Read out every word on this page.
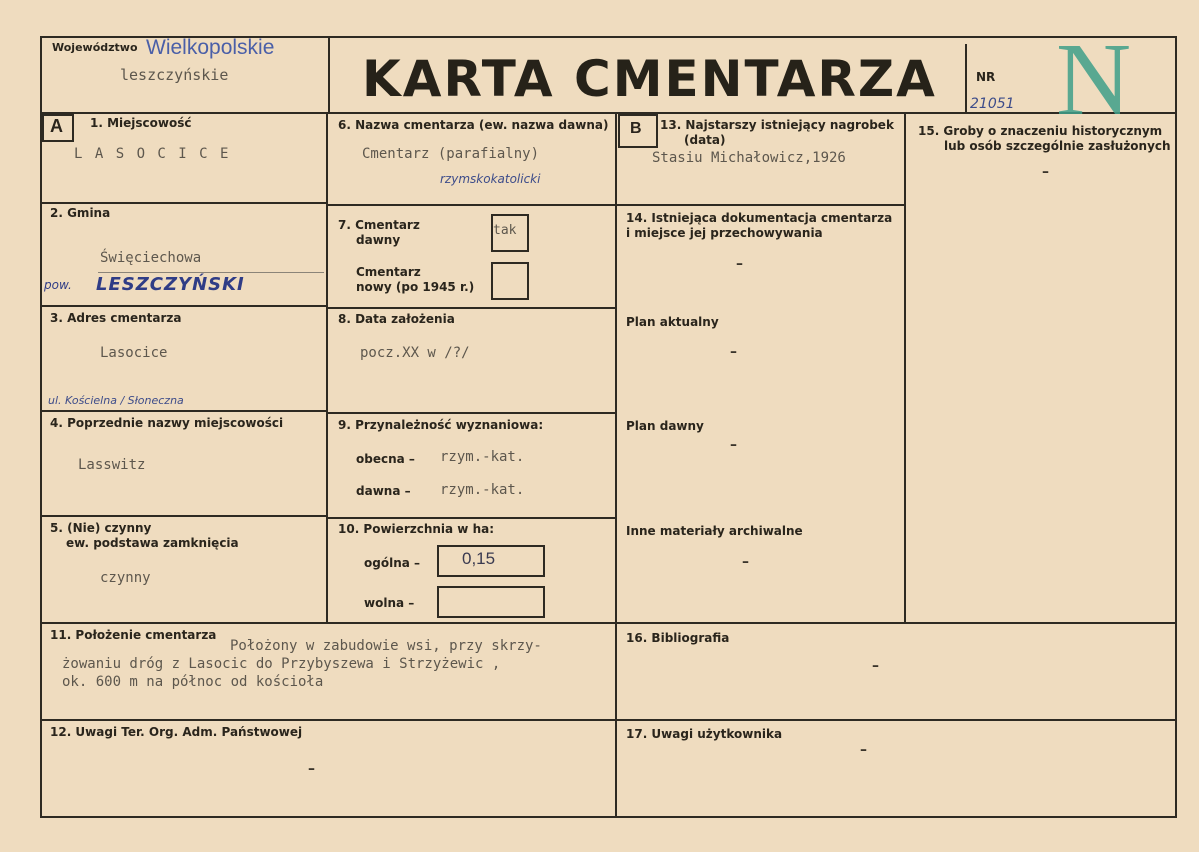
Województwo Wielkopolskie
leszczyńskie	KARTA CMENTARZA	NR
21051 N
A	B
1. Miejscowość
L A S O C I C E
2. Gmina
Święciechowa
pow. LESZCZYŃSKI
3. Adres cmentarza
Lasocice
ul. Kościelna / Słoneczna
4. Poprzednie nazwy miejscowości
Lasswitz
5. (Nie) czynny
ew. podstawa zamknięcia
czynny
6. Nazwa cmentarza (ew. nazwa dawna)
Cmentarz (parafialny)
rzymskokatolicki
7. Cmentarz
dawny
tak
Cmentarz
nowy (po 1945 r.)
8. Data założenia
pocz.XX w /?/
9. Przynależność wyznaniowa:
obecna – rzym.-kat.
dawna – rzym.-kat.
10. Powierzchnia w ha:
ogólna – 0,15
wolna –
11. Położenie cmentarza
Położony w zabudowie wsi, przy skrzy-
żowaniu dróg z Lasocic do Przybyszewa i Strzyżewic ,
ok. 600 m na północ od kościoła
12. Uwagi Ter. Org. Adm. Państwowej
–
13. Najstarszy istniejący nagrobek
(data)
Stasiu Michałowicz,1926
14. Istniejąca dokumentacja cmentarza
i miejsce jej przechowywania
–
Plan aktualny
–
Plan dawny
–
Inne materiały archiwalne
–
15. Groby o znaczeniu historycznym
lub osób szczególnie zasłużonych
–
16. Bibliografia
–
17. Uwagi użytkownika
–
